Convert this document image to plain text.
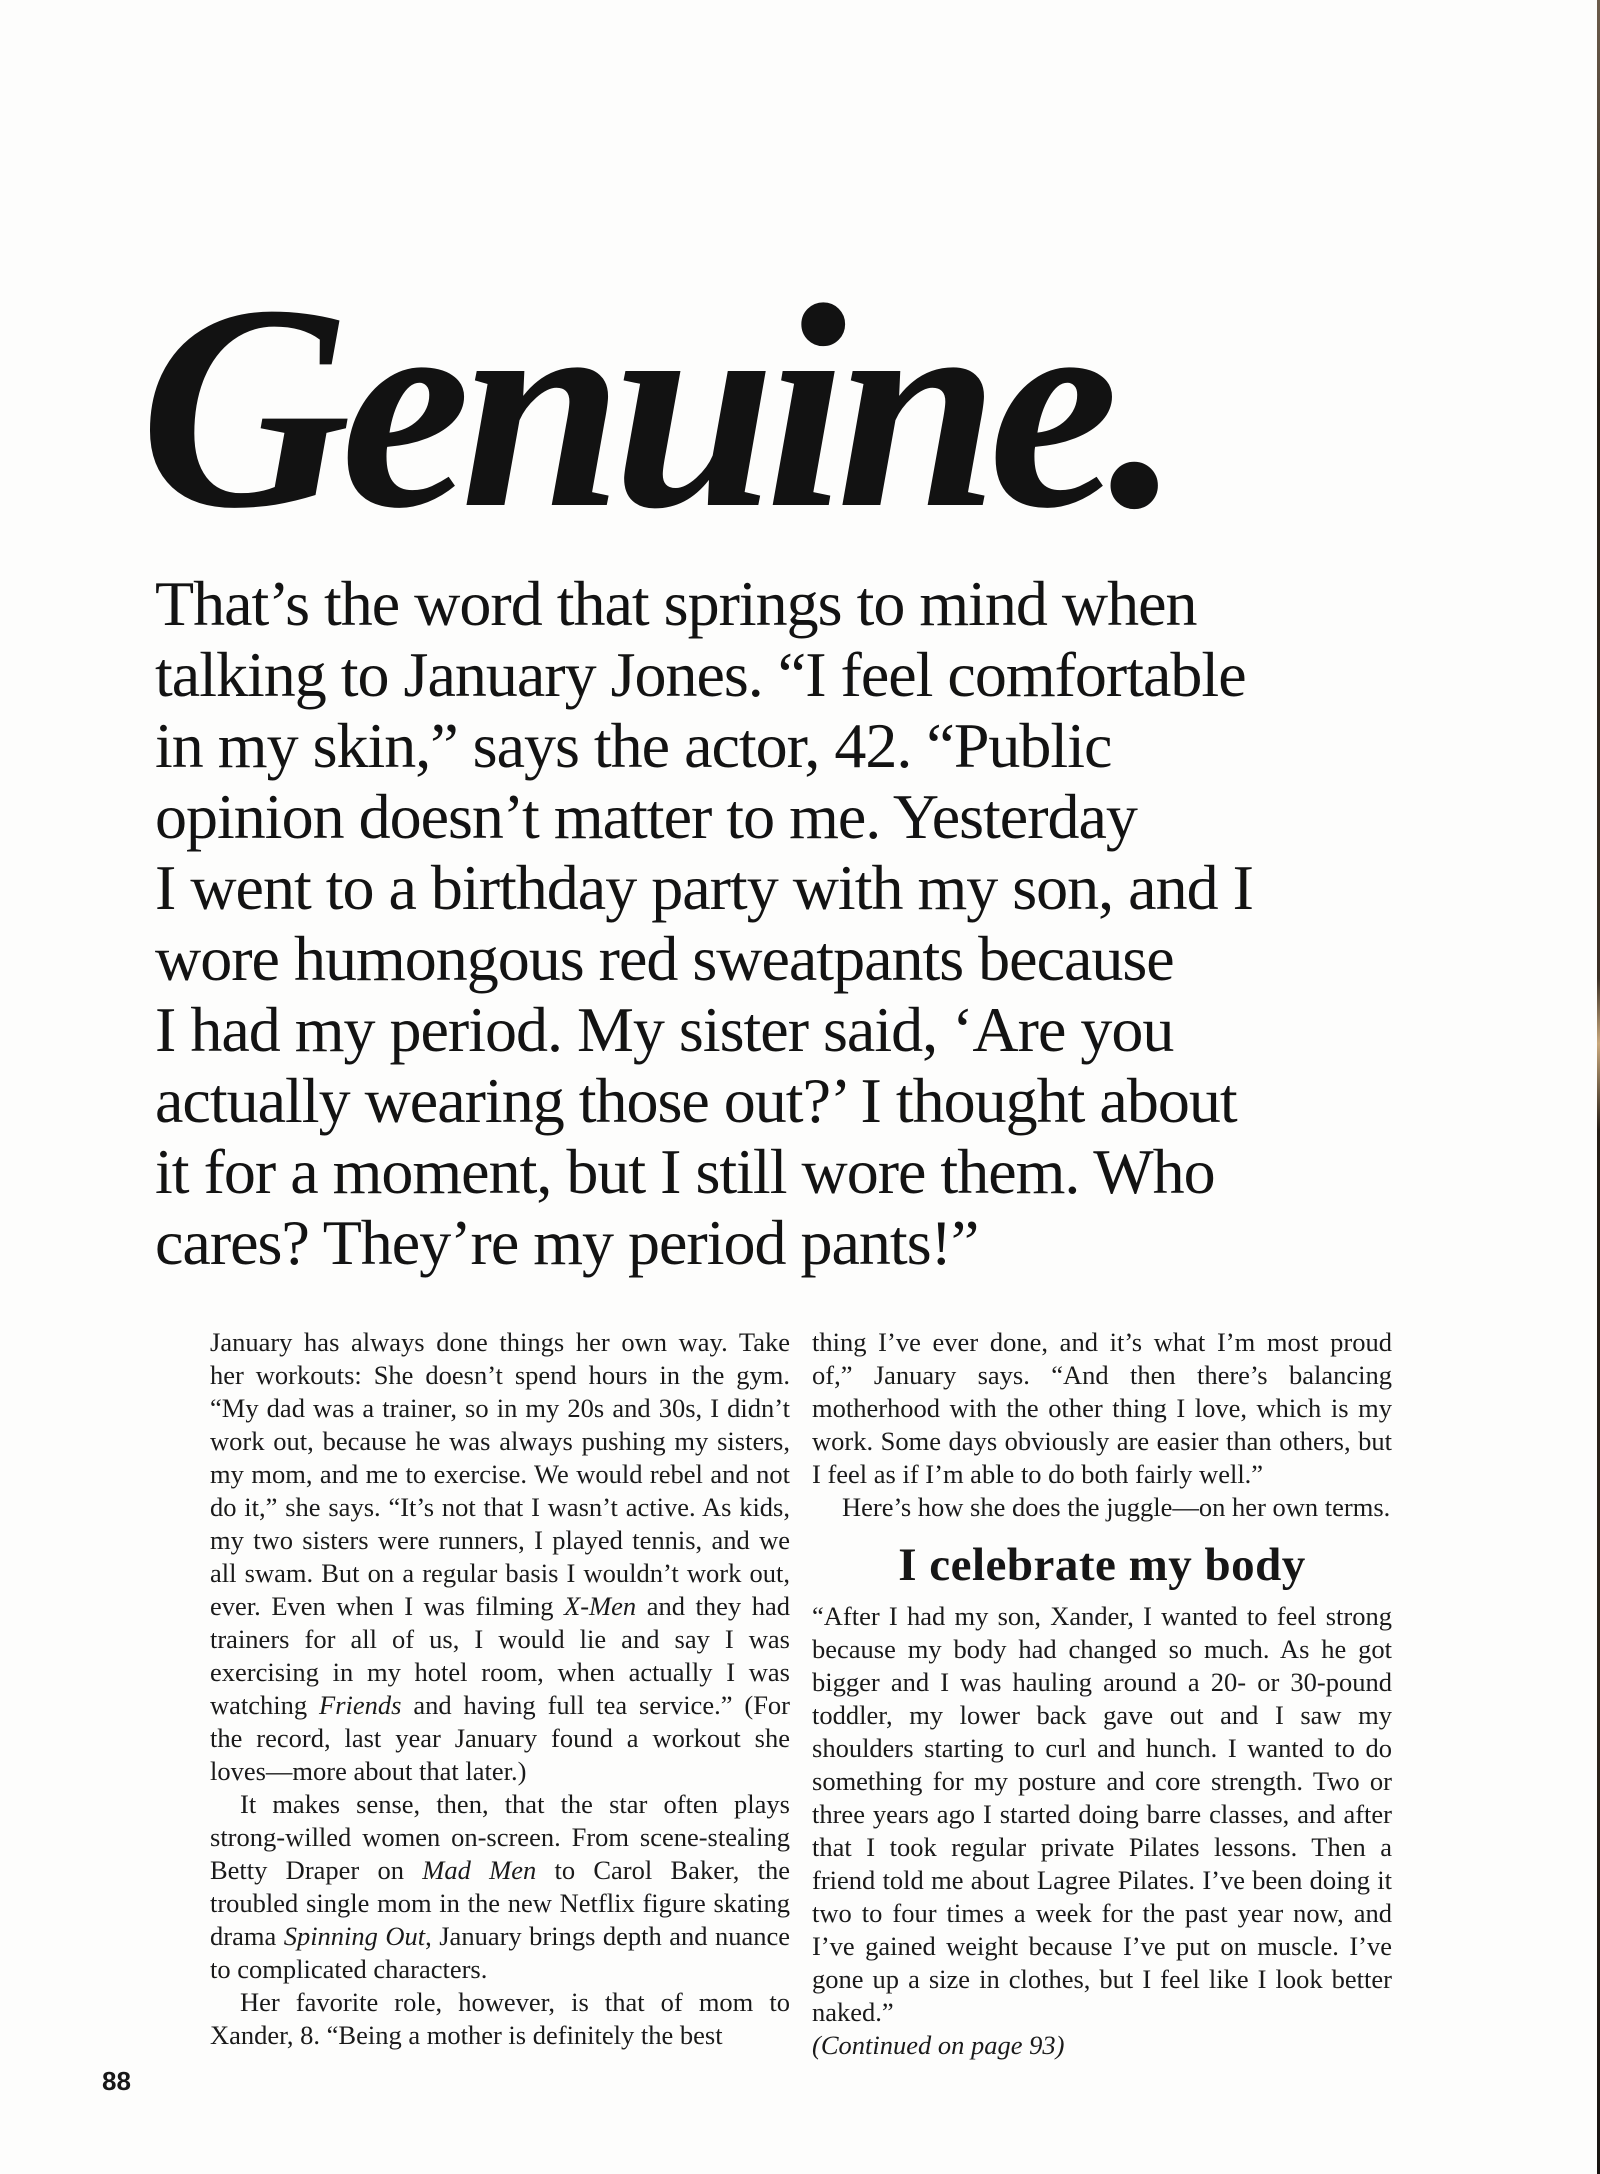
Genuine.
That’s the word that springs to mind when
talking to January Jones. “I feel comfortable
in my skin,” says the actor, 42. “Public
opinion doesn’t matter to me. Yesterday
I went to a birthday party with my son, and I
wore humongous red sweatpants because
I had my period. My sister said, ‘Are you
actually wearing those out?’ I thought about
it for a moment, but I still wore them. Who
cares? They’re my period pants!”

January has always done things her own way. Take her workouts: She doesn’t spend hours in the gym. “My dad was a trainer, so in my 20s and 30s, I didn’t work out, because he was always pushing my sisters, my mom, and me to exercise. We would rebel and not do it,” she says. “It’s not that I wasn’t active. As kids, my two sisters were runners, I played tennis, and we all swam. But on a regular basis I wouldn’t work out, ever. Even when I was filming X-Men and they had trainers for all of us, I would lie and say I was exercising in my hotel room, when actually I was watching Friends and having full tea service.” (For the record, last year January found a workout she loves—more about that later.)

It makes sense, then, that the star often plays strong-willed women on-screen. From scene-stealing Betty Draper on Mad Men to Carol Baker, the troubled single mom in the new Netflix figure skating drama Spinning Out, January brings depth and nuance to complicated characters.

Her favorite role, however, is that of mom to Xander, 8. “Being a mother is definitely the best

thing I’ve ever done, and it’s what I’m most proud of,” January says. “And then there’s balancing motherhood with the other thing I love, which is my work. Some days obviously are easier than others, but I feel as if I’m able to do both fairly well.”

Here’s how she does the juggle—on her own terms.

I celebrate my body

“After I had my son, Xander, I wanted to feel strong because my body had changed so much. As he got bigger and I was hauling around a 20- or 30-pound toddler, my lower back gave out and I saw my shoulders starting to curl and hunch. I wanted to do something for my posture and core strength. Two or three years ago I started doing barre classes, and after that I took regular private Pilates lessons. Then a friend told me about Lagree Pilates. I’ve been doing it two to four times a week for the past year now, and I’ve gained weight because I’ve put on muscle. I’ve gone up a size in clothes, but I feel like I look better naked.”

(Continued on page 93)

88
